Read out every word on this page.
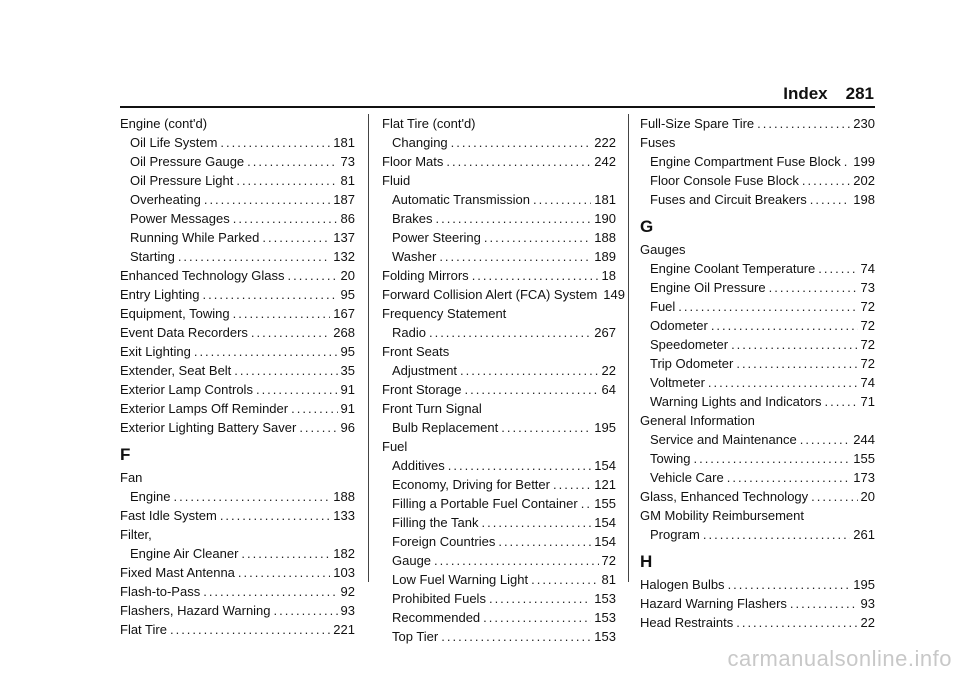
Index 281
Engine (cont'd)
Oil Life System .....	181
Oil Pressure Gauge .....	73
Oil Pressure Light .....	81
Overheating .....	187
Power Messages .....	86
Running While Parked .....	137
Starting .....	132
Enhanced Technology Glass .....	20
Entry Lighting .....	95
Equipment, Towing .....	167
Event Data Recorders .....	268
Exit Lighting .....	95
Extender, Seat Belt .....	35
Exterior Lamp Controls .....	91
Exterior Lamps Off Reminder .....	91
Exterior Lighting Battery Saver .....	96
F
Fan
Engine .....	188
Fast Idle System .....	133
Filter,
Engine Air Cleaner .....	182
Fixed Mast Antenna .....	103
Flash-to-Pass .....	92
Flashers, Hazard Warning .....	93
Flat Tire .....	221
Flat Tire (cont'd)
Changing .....	222
Floor Mats .....	242
Fluid
Automatic Transmission .....	181
Brakes .....	190
Power Steering .....	188
Washer .....	189
Folding Mirrors .....	18
Forward Collision Alert (FCA) System 149
Frequency Statement
Radio .....	267
Front Seats
Adjustment .....	22
Front Storage .....	64
Front Turn Signal
Bulb Replacement .....	195
Fuel
Additives .....	154
Economy, Driving for Better .....	121
Filling a Portable Fuel Container ..... 155
Filling the Tank .....	154
Foreign Countries .....	154
Gauge .....	72
Low Fuel Warning Light .....	81
Prohibited Fuels .....	153
Recommended .....	153
Top Tier .....	153
Full-Size Spare Tire .....	230
Fuses
Engine Compartment Fuse Block ..... 199
Floor Console Fuse Block .....	202
Fuses and Circuit Breakers .....	198
G
Gauges
Engine Coolant Temperature .....	74
Engine Oil Pressure .....	73
Fuel .....	72
Odometer .....	72
Speedometer .....	72
Trip Odometer .....	72
Voltmeter .....	74
Warning Lights and Indicators .....	71
General Information
Service and Maintenance .....	244
Towing .....	155
Vehicle Care .....	173
Glass, Enhanced Technology .....	20
GM Mobility Reimbursement
Program .....	261
H
Halogen Bulbs .....	195
Hazard Warning Flashers .....	93
Head Restraints .....	22
carmanualsonline.info
